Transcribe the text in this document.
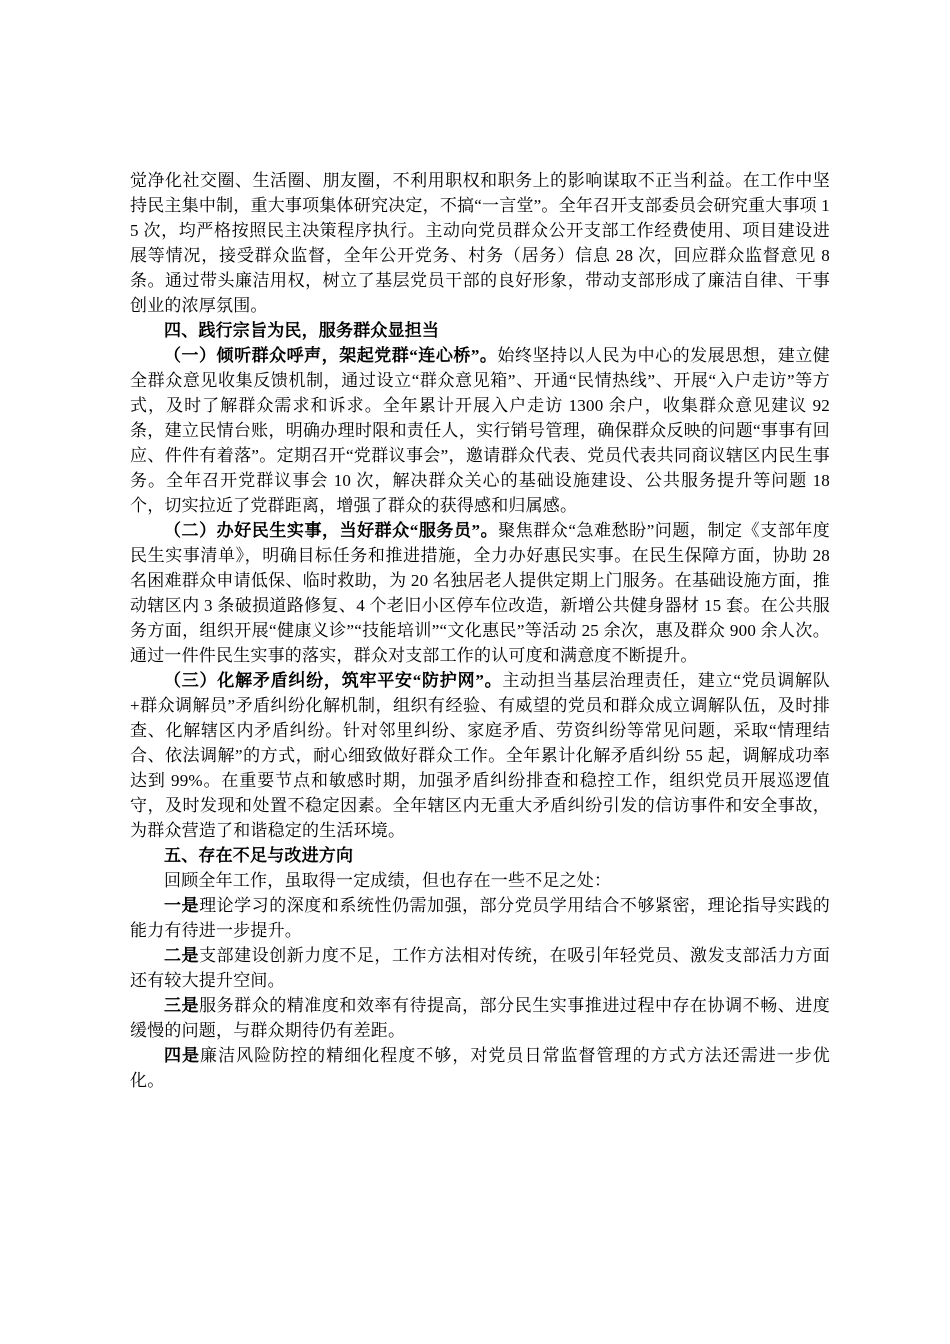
觉净化社交圈、生活圈、朋友圈，不利用职权和职务上的影响谋取不正当利益。在工作中坚持民主集中制，重大事项集体研究决定，不搞“一言堂”。全年召开支部委员会研究重大事项 15 次，均严格按照民主决策程序执行。主动向党员群众公开支部工作经费使用、项目建设进展等情况，接受群众监督，全年公开党务、村务（居务）信息 28 次，回应群众监督意见 8 条。通过带头廉洁用权，树立了基层党员干部的良好形象，带动支部形成了廉洁自律、干事创业的浓厚氛围。

四、践行宗旨为民，服务群众显担当

（一）倾听群众呼声，架起党群“连心桥”。始终坚持以人民为中心的发展思想，建立健全群众意见收集反馈机制，通过设立“群众意见箱”、开通“民情热线”、开展“入户走访”等方式，及时了解群众需求和诉求。全年累计开展入户走访 1300 余户，收集群众意见建议 92 条，建立民情台账，明确办理时限和责任人，实行销号管理，确保群众反映的问题“事事有回应、件件有着落”。定期召开“党群议事会”，邀请群众代表、党员代表共同商议辖区内民生事务。全年召开党群议事会 10 次，解决群众关心的基础设施建设、公共服务提升等问题 18 个，切实拉近了党群距离，增强了群众的获得感和归属感。

（二）办好民生实事，当好群众“服务员”。聚焦群众“急难愁盼”问题，制定《支部年度民生实事清单》，明确目标任务和推进措施，全力办好惠民实事。在民生保障方面，协助 28 名困难群众申请低保、临时救助，为 20 名独居老人提供定期上门服务。在基础设施方面，推动辖区内 3 条破损道路修复、4 个老旧小区停车位改造，新增公共健身器材 15 套。在公共服务方面，组织开展“健康义诊”“技能培训”“文化惠民”等活动 25 余次，惠及群众 900 余人次。通过一件件民生实事的落实，群众对支部工作的认可度和满意度不断提升。

（三）化解矛盾纠纷，筑牢平安“防护网”。主动担当基层治理责任，建立“党员调解队+群众调解员”矛盾纠纷化解机制，组织有经验、有威望的党员和群众成立调解队伍，及时排查、化解辖区内矛盾纠纷。针对邻里纠纷、家庭矛盾、劳资纠纷等常见问题，采取“情理结合、依法调解”的方式，耐心细致做好群众工作。全年累计化解矛盾纠纷 55 起，调解成功率达到 99%。在重要节点和敏感时期，加强矛盾纠纷排查和稳控工作，组织党员开展巡逻值守，及时发现和处置不稳定因素。全年辖区内无重大矛盾纠纷引发的信访事件和安全事故，为群众营造了和谐稳定的生活环境。

五、存在不足与改进方向

回顾全年工作，虽取得一定成绩，但也存在一些不足之处：

一是理论学习的深度和系统性仍需加强，部分党员学用结合不够紧密，理论指导实践的能力有待进一步提升。

二是支部建设创新力度不足，工作方法相对传统，在吸引年轻党员、激发支部活力方面还有较大提升空间。

三是服务群众的精准度和效率有待提高，部分民生实事推进过程中存在协调不畅、进度缓慢的问题，与群众期待仍有差距。

四是廉洁风险防控的精细化程度不够，对党员日常监督管理的方式方法还需进一步优化。
